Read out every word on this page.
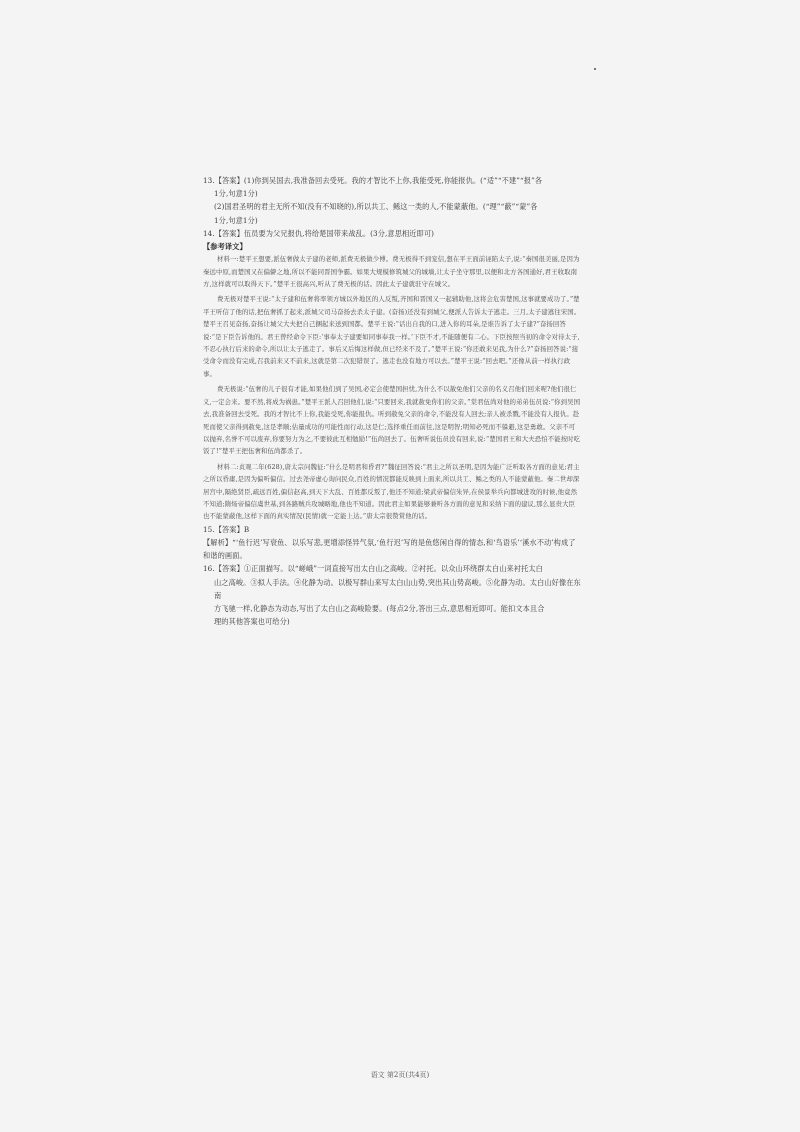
13.【答案】(1)你到吴国去,我准备回去受死。我的才智比不上你,我能受死,你能报仇。(“适”“不建”“报”各

1分,句意1分)

(2)国君圣明的君主无所不知(没有不知晓的),所以共工、鲧这一类的人,不能蒙蔽他。(“理”“蔽”“蒙”各

1分,句意1分)

14.【答案】伍员要为父兄报仇,将给楚国带来战乱。(3分,意思相近即可)

【参考译文】

材料一:楚平王想要,派伍奢做太子建的老师,派费无极做少傅。费无极得不到宠信,想在平王面前诬陷太子,说:“秦国很美丽,是因为秦远中原,而楚国又在偏僻之地,所以不能同晋国争霸。如果大规模修筑城父的城墙,让太子坐守那里,以便和北方各国通好,君王收取南方,这样就可以取得天下。”楚平王很高兴,听从了费无极的话。因此太子建就驻守在城父。

费无极对楚平王说:“太子建和伍奢将率领方城以外地区的人反叛,齐国和晋国又一起辅助他,这将会危害楚国,这事就要成功了。”楚平王听信了他的话,把伍奢抓了起来,派城父司马奋扬去杀太子建。(奋扬)还没有到城父,便派人告诉太子逃走。三月,太子建逃往宋国。楚平王召见奋扬,奋扬让城父大夫把自己捆起来送到国都。楚平王说:“话出自我的口,进入你的耳朵,是谁告诉了太子建?”奋扬回答说:“是下臣告诉他的。君王曾经命令下臣:‘事奉太子建要如同事奉我一样。’下臣不才,不能随便有二心。下臣按照当初的命令对待太子,不忍心执行后来的命令,所以让太子逃走了。事后又后悔这样做,但已经来不及了。”楚平王说:“你还敢来见我,为什么?”奋扬回答说:“接受命令而没有完成,召我前来又不前来,这就是第二次犯错误了。逃走也没有地方可以去。”楚平王说:“回去吧。”还像从前一样执行政事。

费无极说:“伍奢的儿子很有才能,如果他们到了吴国,必定会使楚国担忧,为什么不以赦免他们父亲的名义召他们回来呢?他们很仁义,一定会来。要不然,将成为祸患。”楚平王派人召回他们,说:“只要回来,我就赦免你们的父亲。”棠君伍尚对他的弟弟伍员说:“你到吴国去,我准备回去受死。我的才智比不上你,我能受死,你能报仇。听到赦免父亲的命令,不能没有人回去;亲人被杀戮,不能没有人报仇。赴死而使父亲得到赦免,这是孝顺;估量成功的可能性而行动,这是仁;选择重任而前往,这是明智;明知必死而不躲避,这是勇敢。父亲不可以抛弃,名誉不可以废弃,你要努力为之,不要彼此互相勉励!”伍尚回去了。伍奢听说伍员没有回来,说:“楚国君王和大夫恐怕不能按时吃饭了!”楚平王把伍奢和伍尚都杀了。

材料二:贞观二年(628),唐太宗问魏征:“什么是明君和昏君?”魏征回答说:“君主之所以圣明,是因为能广泛听取各方面的意见;君主之所以昏庸,是因为偏听偏信。过去尧帝虚心询问民众,百姓的情况都能反映到上面来,所以共工、鲧之类的人不能蒙蔽他。秦二世却深居宫中,隔绝贤臣,疏远百姓,偏信赵高,到天下大乱、百姓都反叛了,他还不知道;梁武帝偏信朱异,在侯景举兵向都城进攻的时候,他竟然不知道;隋炀帝偏信虞世基,到各路贼兵攻城略地,他也不知道。因此君主如果能够兼听各方面的意见和采纳下面的建议,那么显贵大臣也不能蒙蔽他,这样下面的真实情况(民情)就一定能上达。”唐太宗很赞赏他的话。

15.【答案】B

【解析】“‘鱼行迟’写衰鱼、以乐写悲,更增添怪异气氛,‘鱼行迟’写的是鱼悠闲自得的情态,和‘鸟语乐’‘溪水不动’构成了和谐的画面。

16.【答案】①正面描写。以“嵯峨”一词直接写出太白山之高峻。②衬托。以众山环绕群太白山来衬托太白

山之高峻。③拟人手法。④化静为动。以极写群山来写太白山山势,突出其山势高峻。⑤化静为动。太白山好像在东南

方飞驰一样,化静态为动态,写出了太白山之高峻险要。(每点2分,答出三点,意思相近即可。能扣文本且合

理的其他答案也可给分)

语文 第2页(共4页)
